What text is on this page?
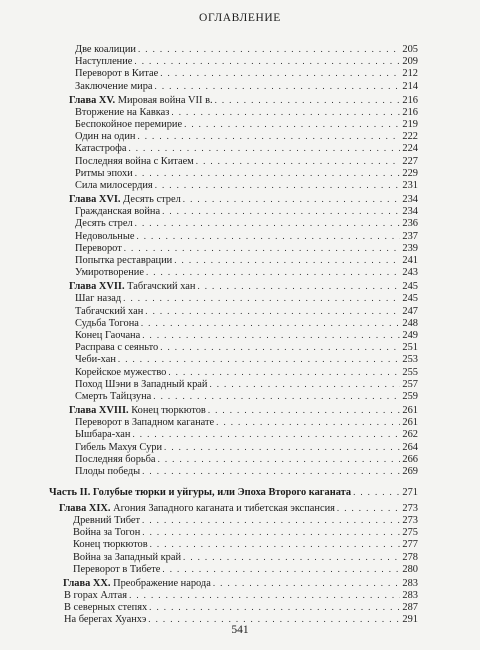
ОГЛАВЛЕНИЕ
Две коалиции . . .	205
Наступление . . .	209
Переворот в Китае . . .	212
Заключение мира . . .	214
Глава XV. Мировая война VII в. . . .	216
Вторжение на Кавказ . . .	216
Беспокойное перемирие . . .	219
Один на один . . .	222
Катастрофа . . .	224
Последняя война с Китаем . . .	227
Ритмы эпохи . . .	229
Сила милосердия . . .	231
Глава XVI. Десять стрел . . .	234
Гражданская война . . .	234
Десять стрел . . .	236
Недовольные . . .	237
Переворот . . .	239
Попытка реставрации . . .	241
Умиротворение . . .	243
Глава XVII. Табгачский хан . . .	245
Шаг назад . . .	245
Табгачский хан . . .	247
Судьба Тогона . . .	248
Конец Гаочана . . .	249
Расправа с сеяньто . . .	251
Чеби-хан . . .	253
Корейское мужество . . .	255
Поход Шэни в Западный край . . .	257
Смерть Тайцзуна . . .	259
Глава XVIII. Конец тюркютов . . .	261
Переворот в Западном каганате . . .	261
Ышбара-хан . . .	262
Гибель Махуя Сури . . .	264
Последняя борьба . . .	266
Плоды победы . . .	269
Часть II. Голубые тюрки и уйгуры, или Эпоха Второго каганата . . .	271
Глава XIX. Агония Западного каганата и тибетская экспансия . . .	273
Древний Тибет . . .	273
Война за Тогон . . .	275
Конец тюркютов . . .	277
Война за Западный край . . .	278
Переворот в Тибете . . .	280
Глава XX. Преображение народа . . .	283
В горах Алтая . . .	283
В северных степях . . .	287
На берегах Хуанхэ . . .	291
541
